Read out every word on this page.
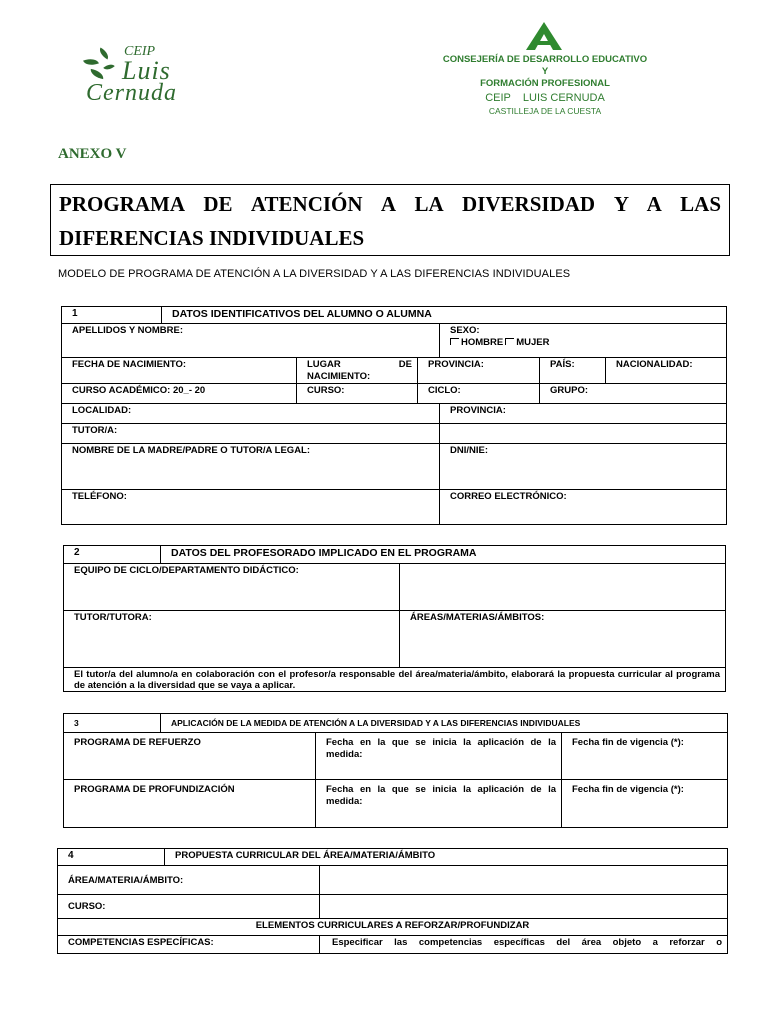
CEIP
Luis
Cernuda
CONSEJERÍA DE DESARROLLO EDUCATIVO Y
FORMACIÓN PROFESIONAL
CEIP    LUIS CERNUDA
CASTILLEJA DE LA CUESTA
ANEXO V
PROGRAMA DE ATENCIÓN A LA DIVERSIDAD Y A LAS DIFERENCIAS INDIVIDUALES
MODELO DE PROGRAMA DE ATENCIÓN A LA DIVERSIDAD Y A LAS DIFERENCIAS INDIVIDUALES
1	DATOS IDENTIFICATIVOS DEL ALUMNO O ALUMNA					
APELLIDOS Y NOMBRE:				SEXO:
HOMBRE MUJER		

FECHA DE NACIMIENTO:		LUGAR DE NACIMIENTO:	PROVINCIA:		PAÍS:	NACIONALIDAD:
CURSO ACADÉMICO: 20_- 20		CURSO:	CICLO:		GRUPO:	
LOCALIDAD:				PROVINCIA:		
TUTOR/A:						
NOMBRE DE LA MADRE/PADRE O TUTOR/A LEGAL:				DNI/NIE:		
TELÉFONO:				CORREO ELECTRÓNICO:		
2	DATOS DEL PROFESORADO IMPLICADO EN EL PROGRAMA	
EQUIPO DE CICLO/DEPARTAMENTO DIDÁCTICO:		
TUTOR/TUTORA:		ÁREAS/MATERIAS/ÁMBITOS:
El tutor/a del alumno/a en colaboración con el profesor/a responsable del área/materia/ámbito, elaborará la propuesta curricular al programa de atención a la diversidad que se vaya a aplicar.		
3	APLICACIÓN DE LA MEDIDA DE ATENCIÓN A LA DIVERSIDAD Y A LAS DIFERENCIAS INDIVIDUALES		
PROGRAMA DE REFUERZO		Fecha en la que se inicia la aplicación de la medida:	Fecha fin de vigencia (*):
PROGRAMA DE PROFUNDIZACIÓN		Fecha en la que se inicia la aplicación de la medida:	Fecha fin de vigencia (*):
4	PROPUESTA CURRICULAR DEL ÁREA/MATERIA/ÁMBITO	
ÁREA/MATERIA/ÁMBITO:		
CURSO:		
ELEMENTOS CURRICULARES A REFORZAR/PROFUNDIZAR		
COMPETENCIAS ESPECÍFICAS:		Especificar las competencias específicas del área objeto a reforzar o
